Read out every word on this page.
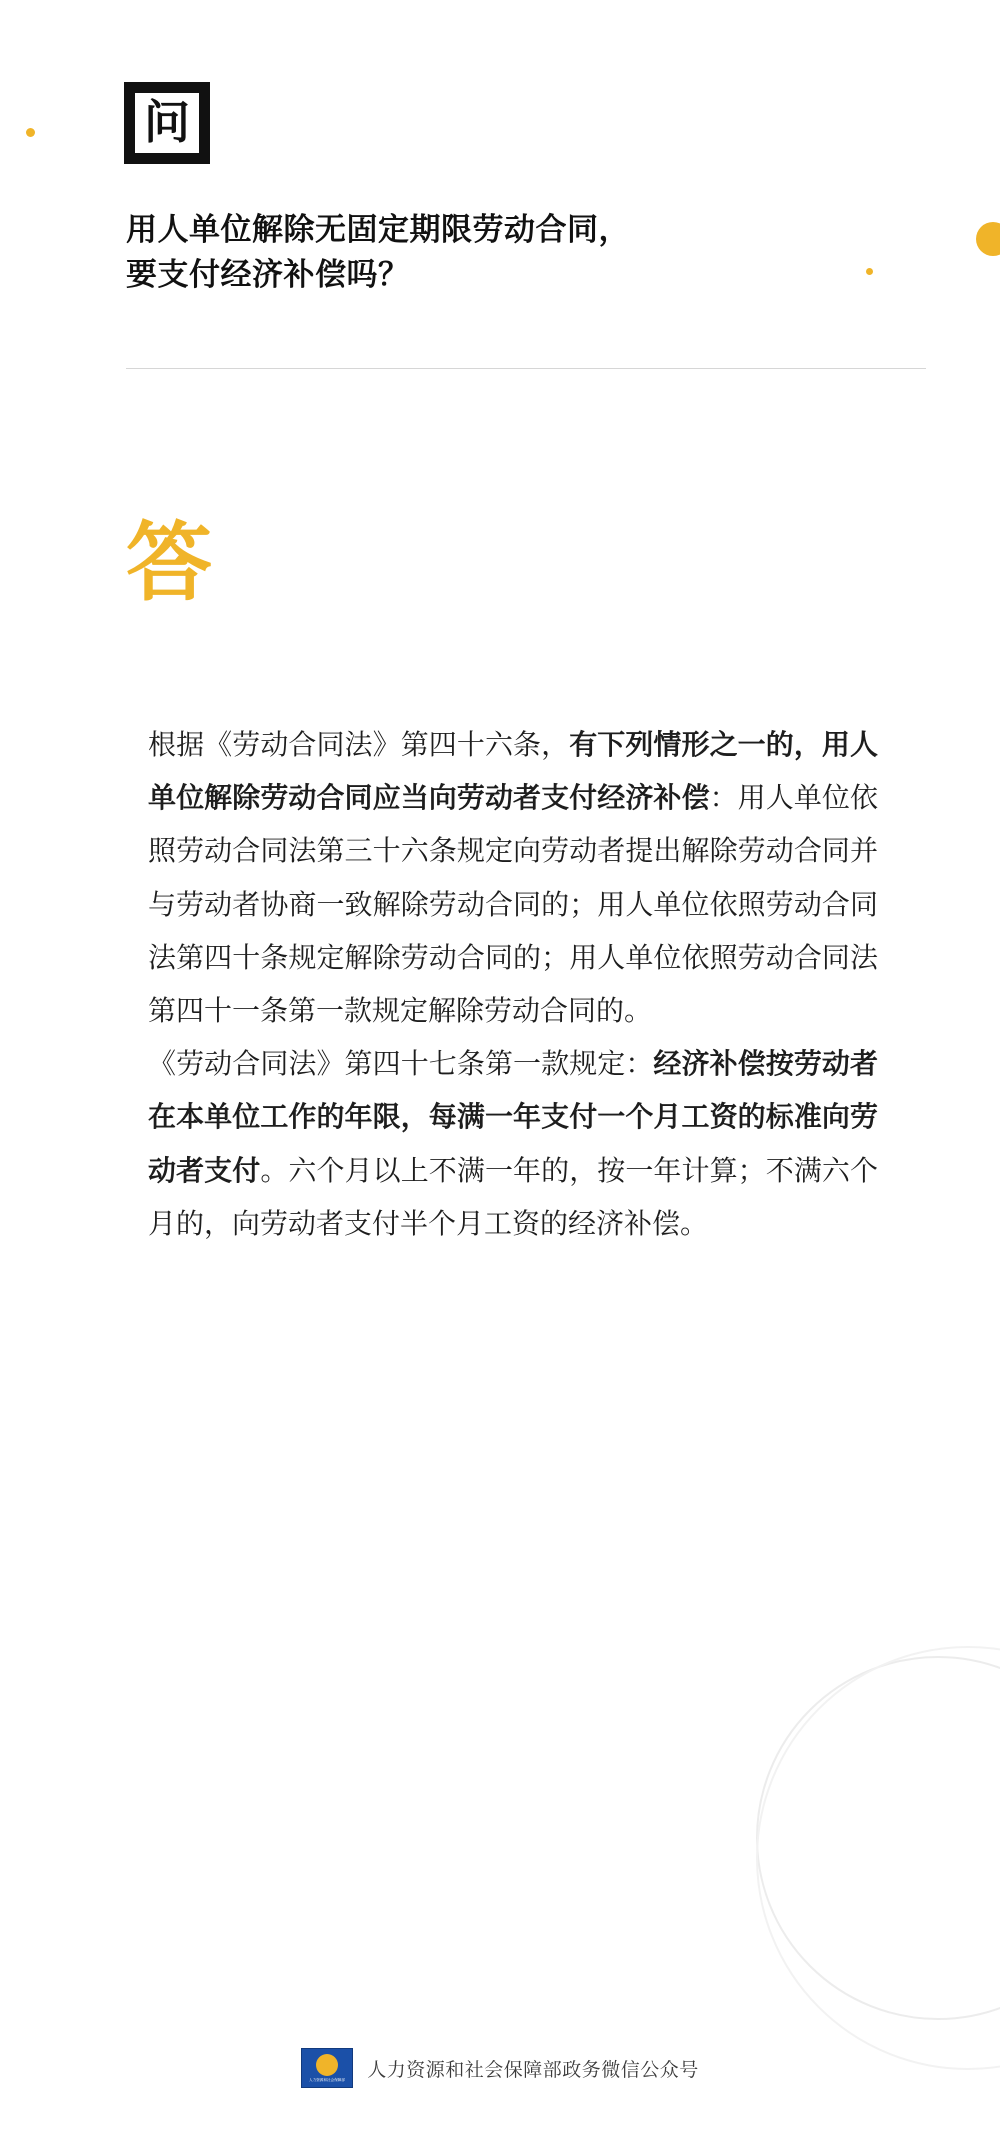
问
用人单位解除无固定期限劳动合同，
要支付经济补偿吗？
答

根据《劳动合同法》第四十六条，有下列情形之一的，用人单位解除劳动合同应当向劳动者支付经济补偿：用人单位依照劳动合同法第三十六条规定向劳动者提出解除劳动合同并与劳动者协商一致解除劳动合同的；用人单位依照劳动合同法第四十条规定解除劳动合同的；用人单位依照劳动合同法第四十一条第一款规定解除劳动合同的。

《劳动合同法》第四十七条第一款规定：经济补偿按劳动者在本单位工作的年限，每满一年支付一个月工资的标准向劳动者支付。六个月以上不满一年的，按一年计算；不满六个月的，向劳动者支付半个月工资的经济补偿。

人力资源和社会保障部 人力资源和社会保障部政务微信公众号
